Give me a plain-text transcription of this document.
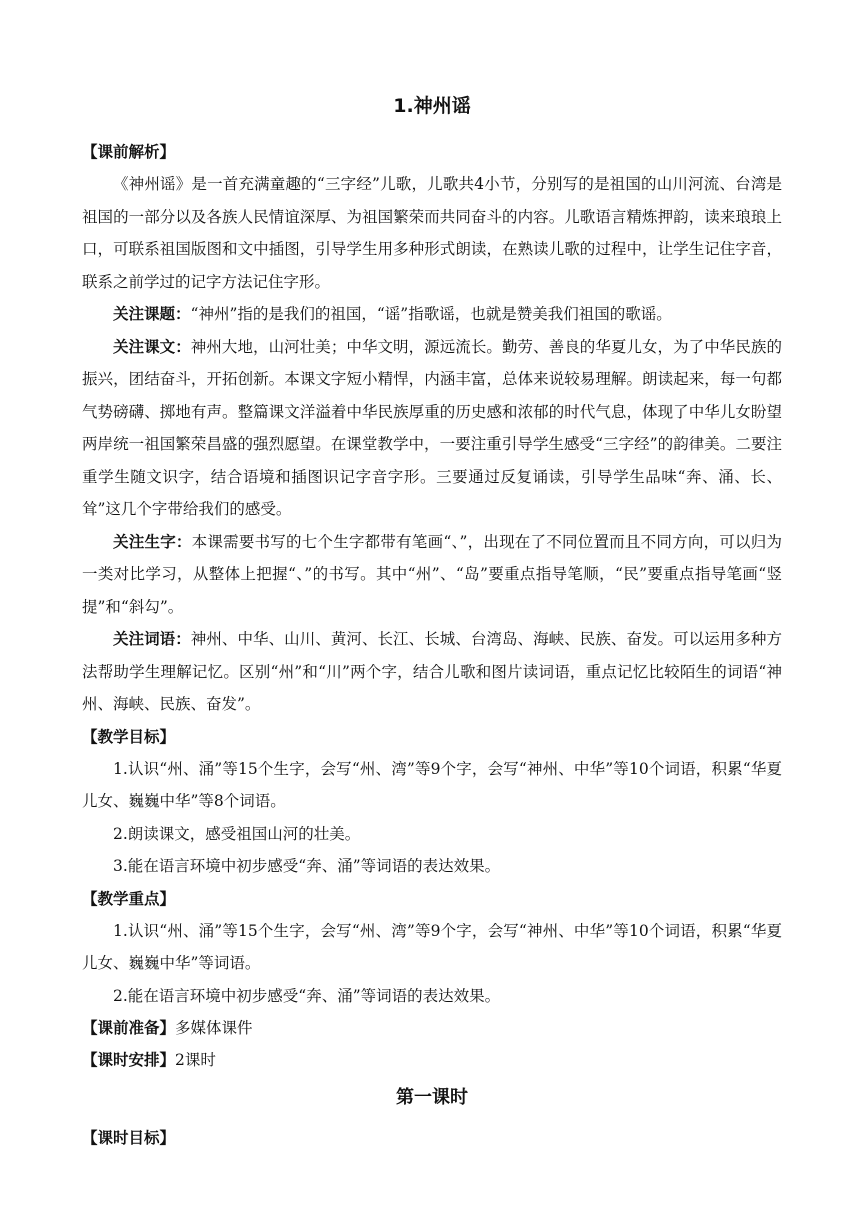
1.神州谣
【课前解析】

《神州谣》是一首充满童趣的“三字经”儿歌，儿歌共4小节，分别写的是祖国的山川河流、台湾是祖国的一部分以及各族人民情谊深厚、为祖国繁荣而共同奋斗的内容。儿歌语言精炼押韵，读来琅琅上口，可联系祖国版图和文中插图，引导学生用多种形式朗读，在熟读儿歌的过程中，让学生记住字音，联系之前学过的记字方法记住字形。

关注课题：“神州”指的是我们的祖国，“谣”指歌谣，也就是赞美我们祖国的歌谣。

关注课文：神州大地，山河壮美；中华文明，源远流长。勤劳、善良的华夏儿女，为了中华民族的振兴，团结奋斗，开拓创新。本课文字短小精悍，内涵丰富，总体来说较易理解。朗读起来，每一句都气势磅礴、掷地有声。整篇课文洋溢着中华民族厚重的历史感和浓郁的时代气息，体现了中华儿女盼望两岸统一祖国繁荣昌盛的强烈愿望。在课堂教学中，一要注重引导学生感受“三字经”的韵律美。二要注重学生随文识字，结合语境和插图识记字音字形。三要通过反复诵读，引导学生品味“奔、涌、长、耸”这几个字带给我们的感受。

关注生字：本课需要书写的七个生字都带有笔画“、”，出现在了不同位置而且不同方向，可以归为一类对比学习，从整体上把握“、”的书写。其中“州”、“岛”要重点指导笔顺，“民”要重点指导笔画“竖提”和“斜勾”。

关注词语：神州、中华、山川、黄河、长江、长城、台湾岛、海峡、民族、奋发。可以运用多种方法帮助学生理解记忆。区别“州”和“川”两个字，结合儿歌和图片读词语，重点记忆比较陌生的词语“神州、海峡、民族、奋发”。

【教学目标】

1.认识“州、涌”等15个生字，会写“州、湾”等9个字，会写“神州、中华”等10个词语，积累“华夏儿女、巍巍中华”等8个词语。

2.朗读课文，感受祖国山河的壮美。

3.能在语言环境中初步感受“奔、涌”等词语的表达效果。

【教学重点】

1.认识“州、涌”等15个生字，会写“州、湾”等9个字，会写“神州、中华”等10个词语，积累“华夏儿女、巍巍中华”等词语。

2.能在语言环境中初步感受“奔、涌”等词语的表达效果。

【课前准备】多媒体课件

【课时安排】2课时

第一课时
【课时目标】
